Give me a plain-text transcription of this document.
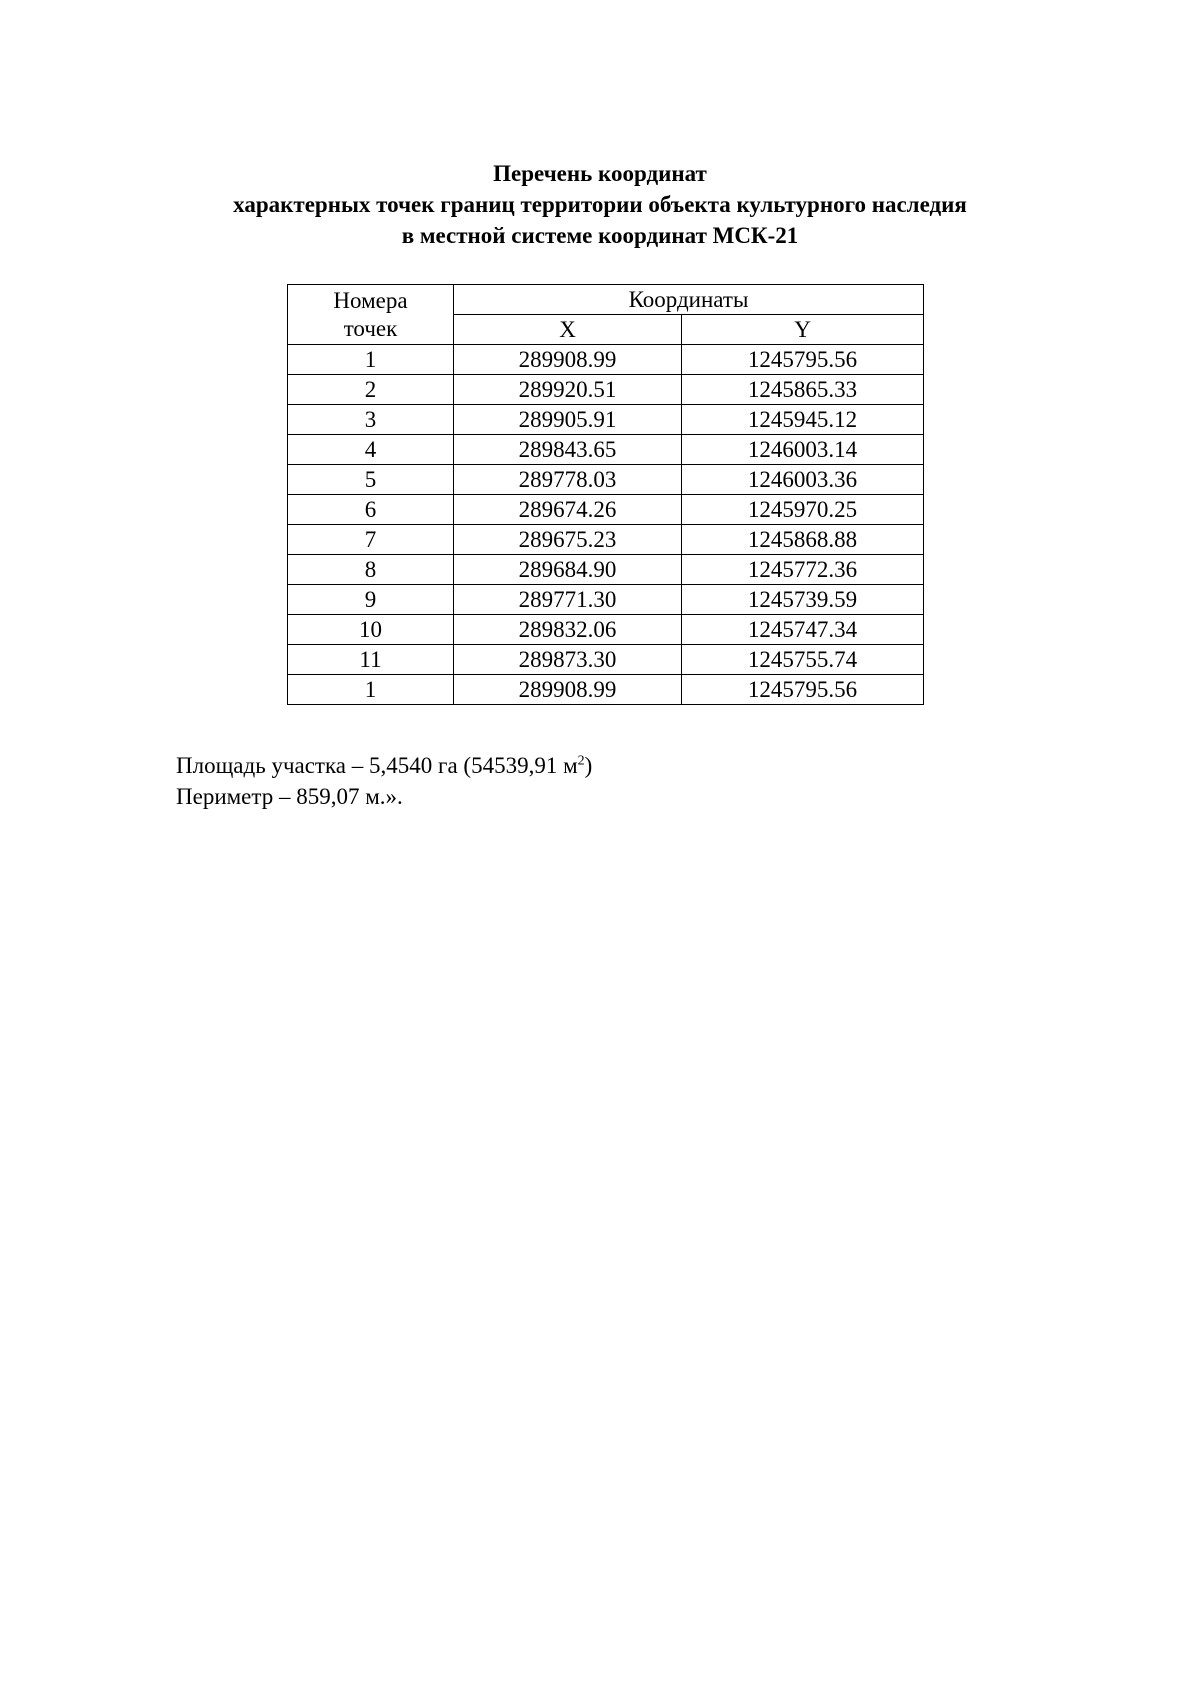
Перечень координат
характерных точек границ территории объекта культурного наследия
в местной системе координат МСК-21
Номера
точек	Координаты	
	X	Y
1	289908.99	1245795.56
2	289920.51	1245865.33
3	289905.91	1245945.12
4	289843.65	1246003.14
5	289778.03	1246003.36
6	289674.26	1245970.25
7	289675.23	1245868.88
8	289684.90	1245772.36
9	289771.30	1245739.59
10	289832.06	1245747.34
11	289873.30	1245755.74
1	289908.99	1245795.56
Площадь участка – 5,4540 га (54539,91 $м^2$)
Периметр – 859,07 м.».
